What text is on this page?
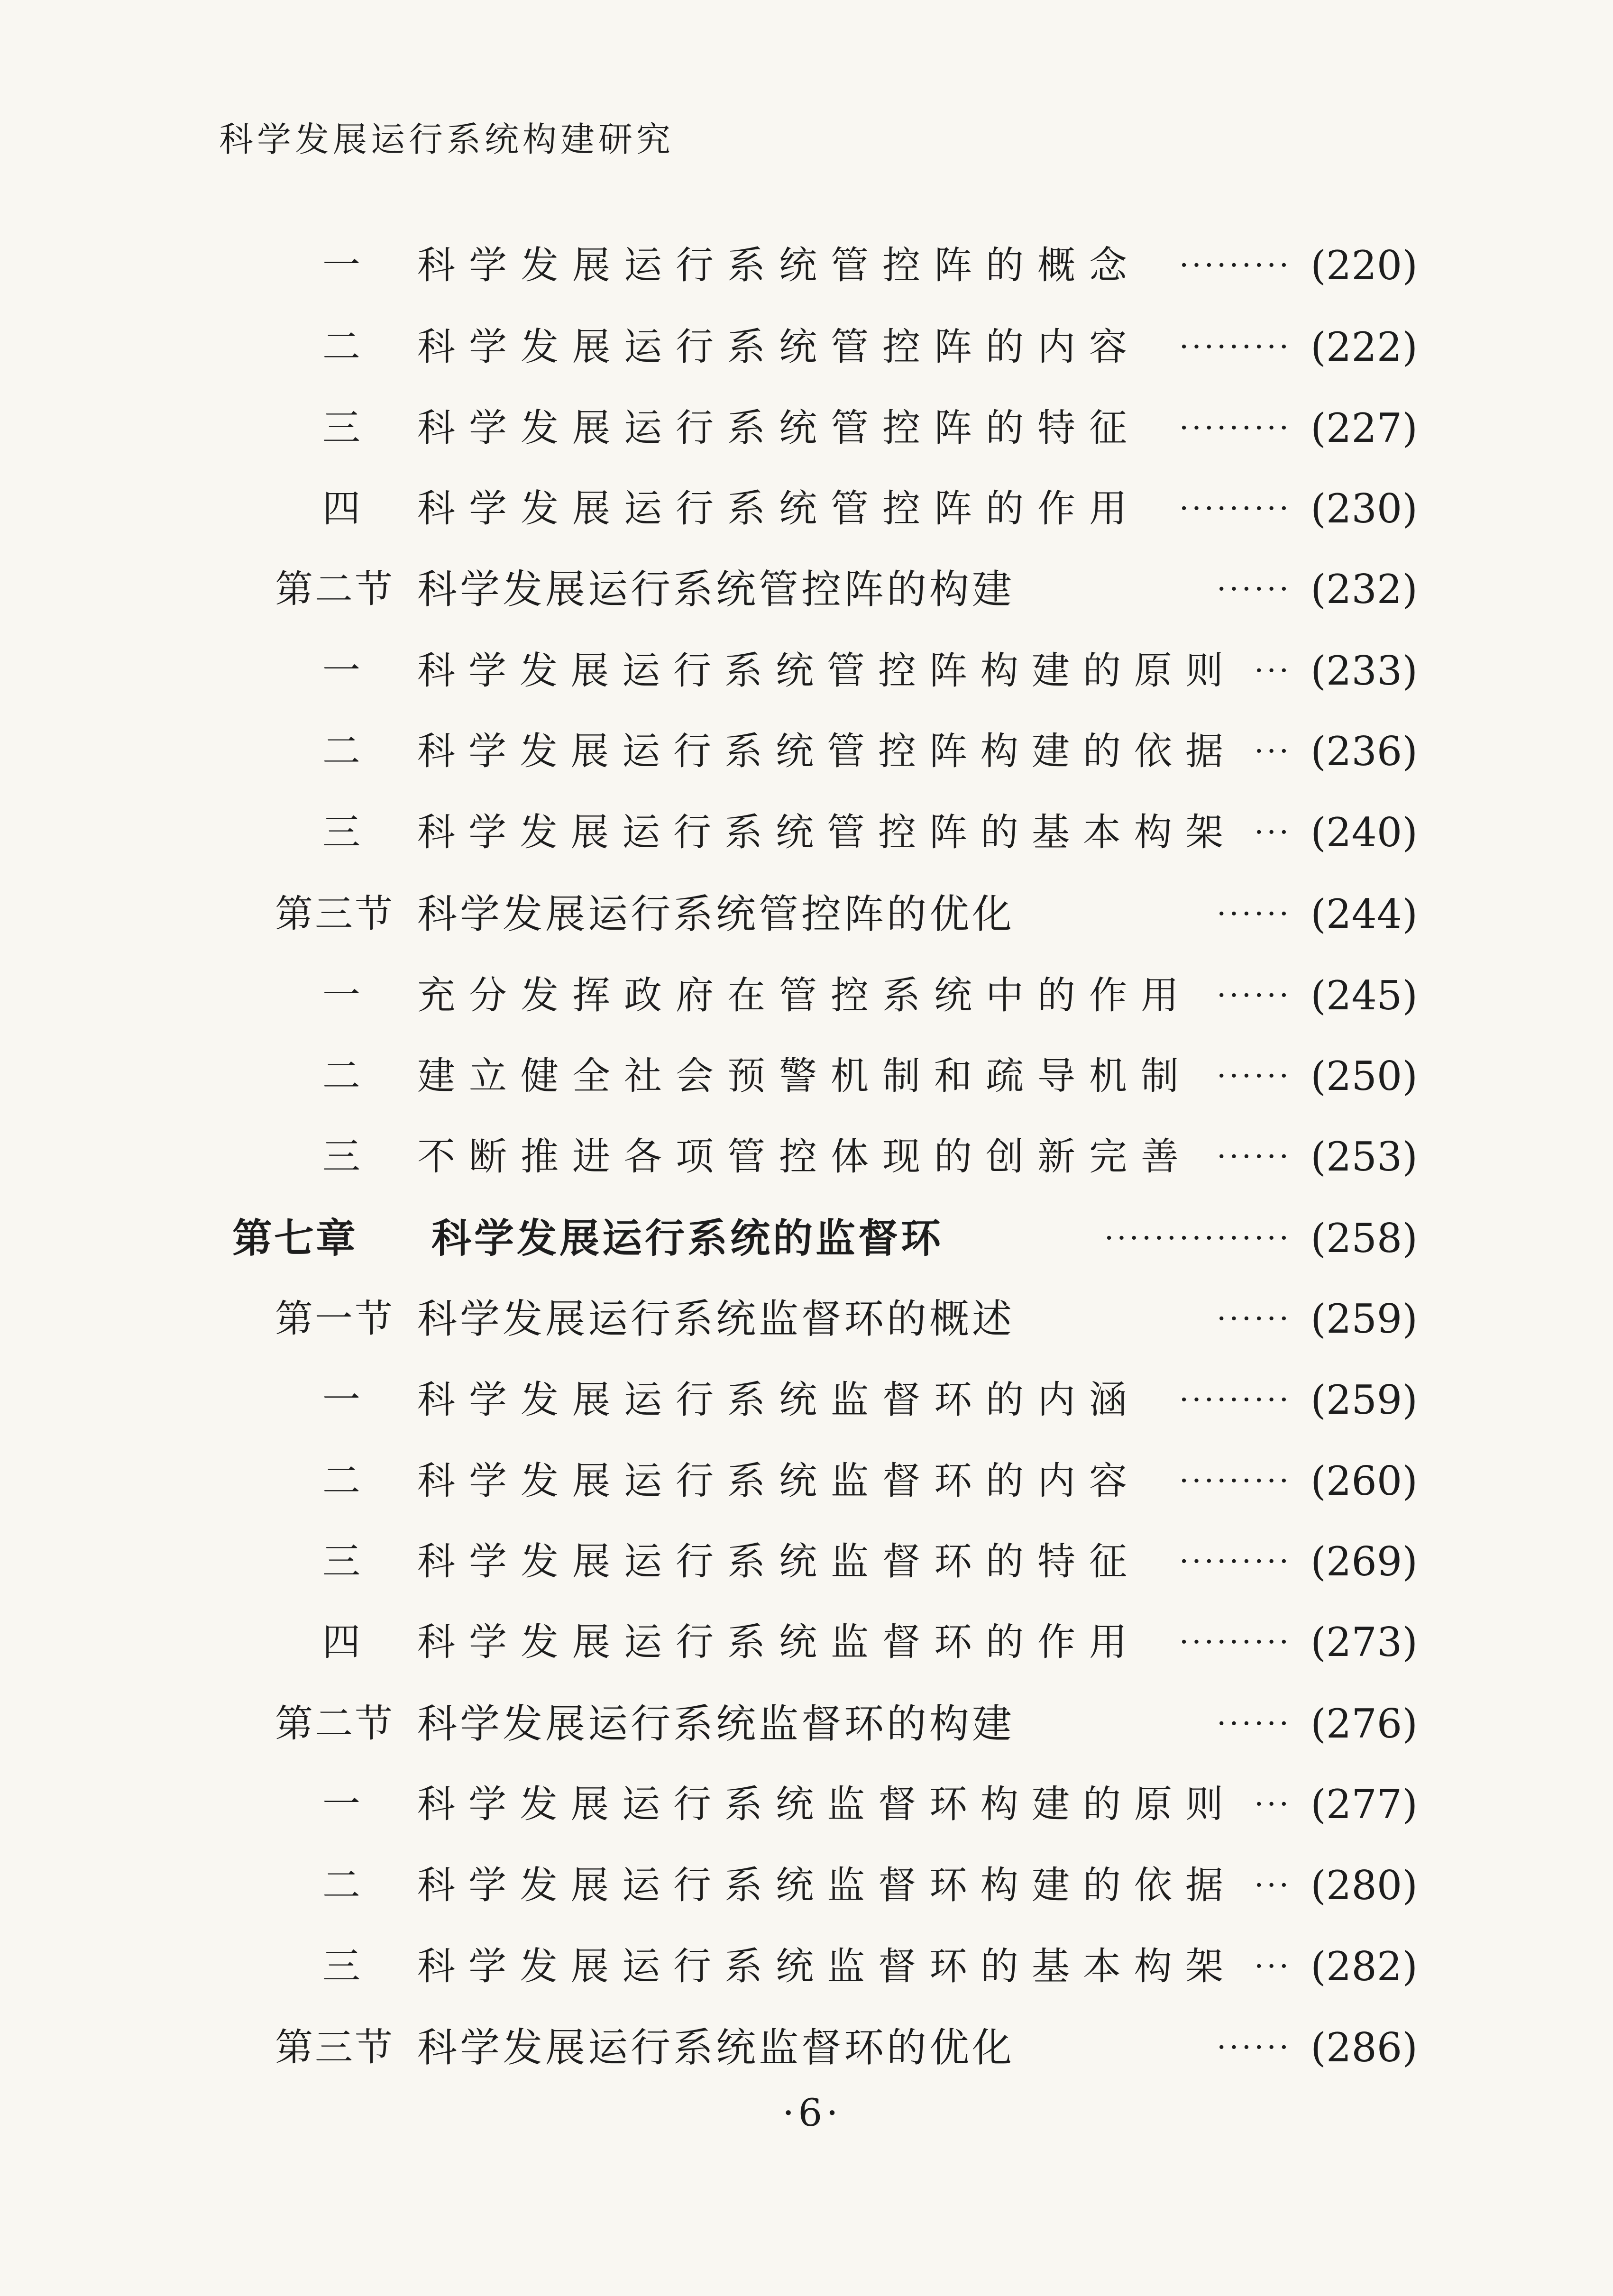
科学发展运行系统构建研究
一	科学发展运行系统管控阵的概念 ········· (220)
二	科学发展运行系统管控阵的内容 ········· (222)
三	科学发展运行系统管控阵的特征 ········· (227)
四	科学发展运行系统管控阵的作用 ········· (230)
第二节 科学发展运行系统管控阵的构建	······ (232)
一	科学发展运行系统管控阵构建的原则 ··· (233)
二	科学发展运行系统管控阵构建的依据 ··· (236)
三	科学发展运行系统管控阵的基本构架 ··· (240)
第三节 科学发展运行系统管控阵的优化	······ (244)
一	充分发挥政府在管控系统中的作用 ······ (245)
二	建立健全社会预警机制和疏导机制 ······ (250)
三	不断推进各项管控体现的创新完善 ······ (253)
第七章	科学发展运行系统的监督环	··············· (258)
第一节 科学发展运行系统监督环的概述	······ (259)
一	科学发展运行系统监督环的内涵 ········· (259)
二	科学发展运行系统监督环的内容 ········· (260)
三	科学发展运行系统监督环的特征 ········· (269)
四	科学发展运行系统监督环的作用 ········· (273)
第二节 科学发展运行系统监督环的构建	······ (276)
一	科学发展运行系统监督环构建的原则 ··· (277)
二	科学发展运行系统监督环构建的依据 ··· (280)
三	科学发展运行系统监督环的基本构架 ··· (282)
第三节 科学发展运行系统监督环的优化	······ (286)
·6·
